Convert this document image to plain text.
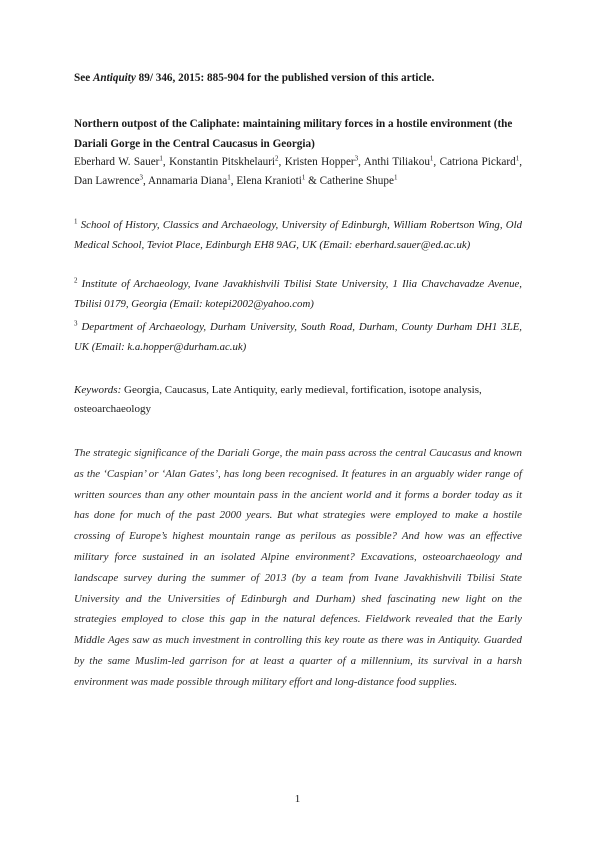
See Antiquity 89/ 346, 2015: 885-904 for the published version of this article.
Northern outpost of the Caliphate: maintaining military forces in a hostile environment (the Dariali Gorge in the Central Caucasus in Georgia)
Eberhard W. Sauer$^1$, Konstantin Pitskhelauri$^2$, Kristen Hopper$^3$, Anthi Tiliakou$^1$, Catriona Pickard$^1$, Dan Lawrence$^3$, Annamaria Diana$^1$, Elena Kranioti$^1$ & Catherine Shupe$^1$
$^1$ School of History, Classics and Archaeology, University of Edinburgh, William Robertson Wing, Old Medical School, Teviot Place, Edinburgh EH8 9AG, UK (Email: eberhard.sauer@ed.ac.uk)
$^2$ Institute of Archaeology, Ivane Javakhishvili Tbilisi State University, 1 Ilia Chavchavadze Avenue, Tbilisi 0179, Georgia (Email: kotepi2002@yahoo.com)
$^3$ Department of Archaeology, Durham University, South Road, Durham, County Durham DH1 3LE, UK (Email: k.a.hopper@durham.ac.uk)
Keywords: Georgia, Caucasus, Late Antiquity, early medieval, fortification, isotope analysis, osteoarchaeology
The strategic significance of the Dariali Gorge, the main pass across the central Caucasus and known as the ‘Caspian’ or ‘Alan Gates’, has long been recognised. It features in an arguably wider range of written sources than any other mountain pass in the ancient world and it forms a border today as it has done for much of the past 2000 years. But what strategies were employed to make a hostile crossing of Europe’s highest mountain range as perilous as possible? And how was an effective military force sustained in an isolated Alpine environment? Excavations, osteoarchaeology and landscape survey during the summer of 2013 (by a team from Ivane Javakhishvili Tbilisi State University and the Universities of Edinburgh and Durham) shed fascinating new light on the strategies employed to close this gap in the natural defences. Fieldwork revealed that the Early Middle Ages saw as much investment in controlling this key route as there was in Antiquity. Guarded by the same Muslim-led garrison for at least a quarter of a millennium, its survival in a harsh environment was made possible through military effort and long-distance food supplies.
1
